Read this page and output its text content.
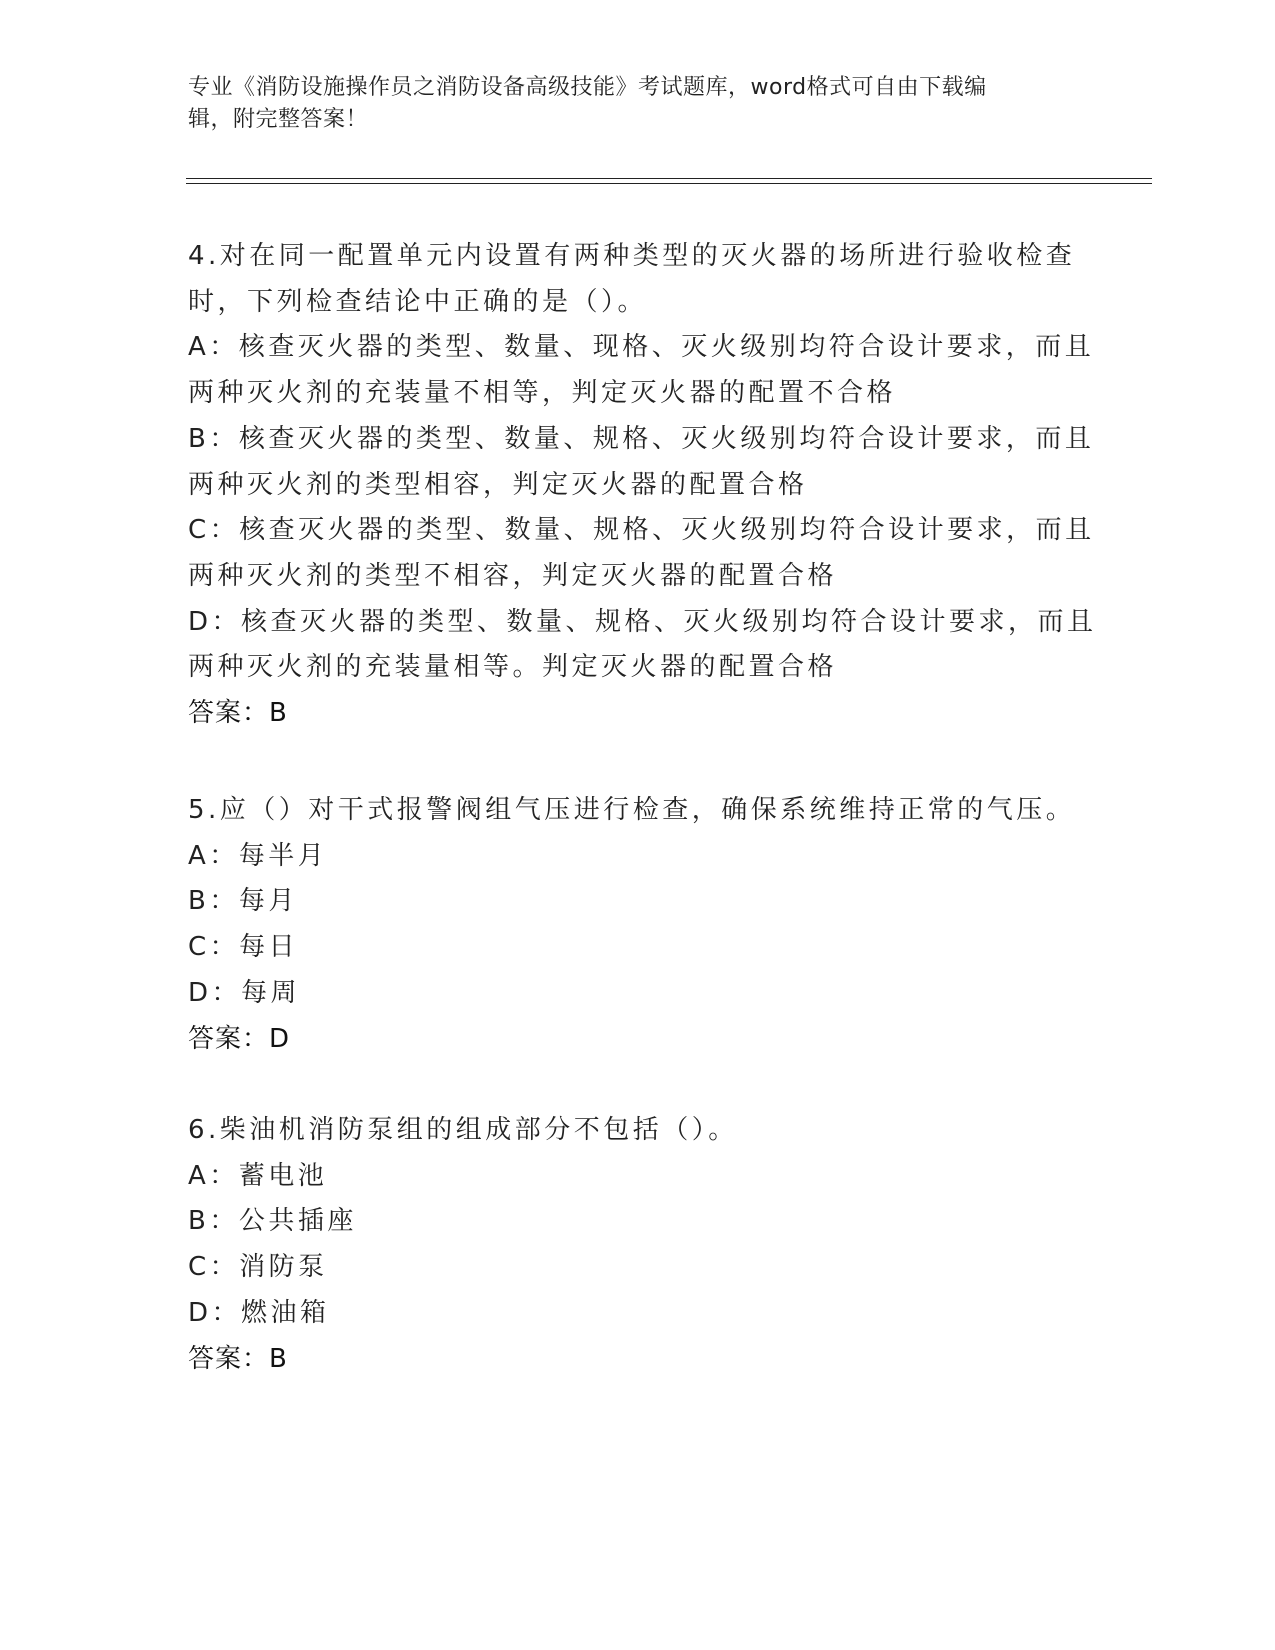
专业《消防设施操作员之消防设备高级技能》考试题库，word格式可自由下载编
辑，附完整答案！
4.对在同一配置单元内设置有两种类型的灭火器的场所进行验收检查
时，下列检查结论中正确的是（）。
A：核查灭火器的类型、数量、现格、灭火级别均符合设计要求，而且
两种灭火剂的充装量不相等，判定灭火器的配置不合格
B：核查灭火器的类型、数量、规格、灭火级别均符合设计要求，而且
两种灭火剂的类型相容，判定灭火器的配置合格
C：核查灭火器的类型、数量、规格、灭火级别均符合设计要求，而且
两种灭火剂的类型不相容，判定灭火器的配置合格
D：核查灭火器的类型、数量、规格、灭火级别均符合设计要求，而且
两种灭火剂的充装量相等。判定灭火器的配置合格
答案：B
5.应（）对干式报警阀组气压进行检查，确保系统维持正常的气压。
A：每半月
B：每月
C：每日
D：每周
答案：D
6.柴油机消防泵组的组成部分不包括（）。
A：蓄电池
B：公共插座
C：消防泵
D：燃油箱
答案：B
